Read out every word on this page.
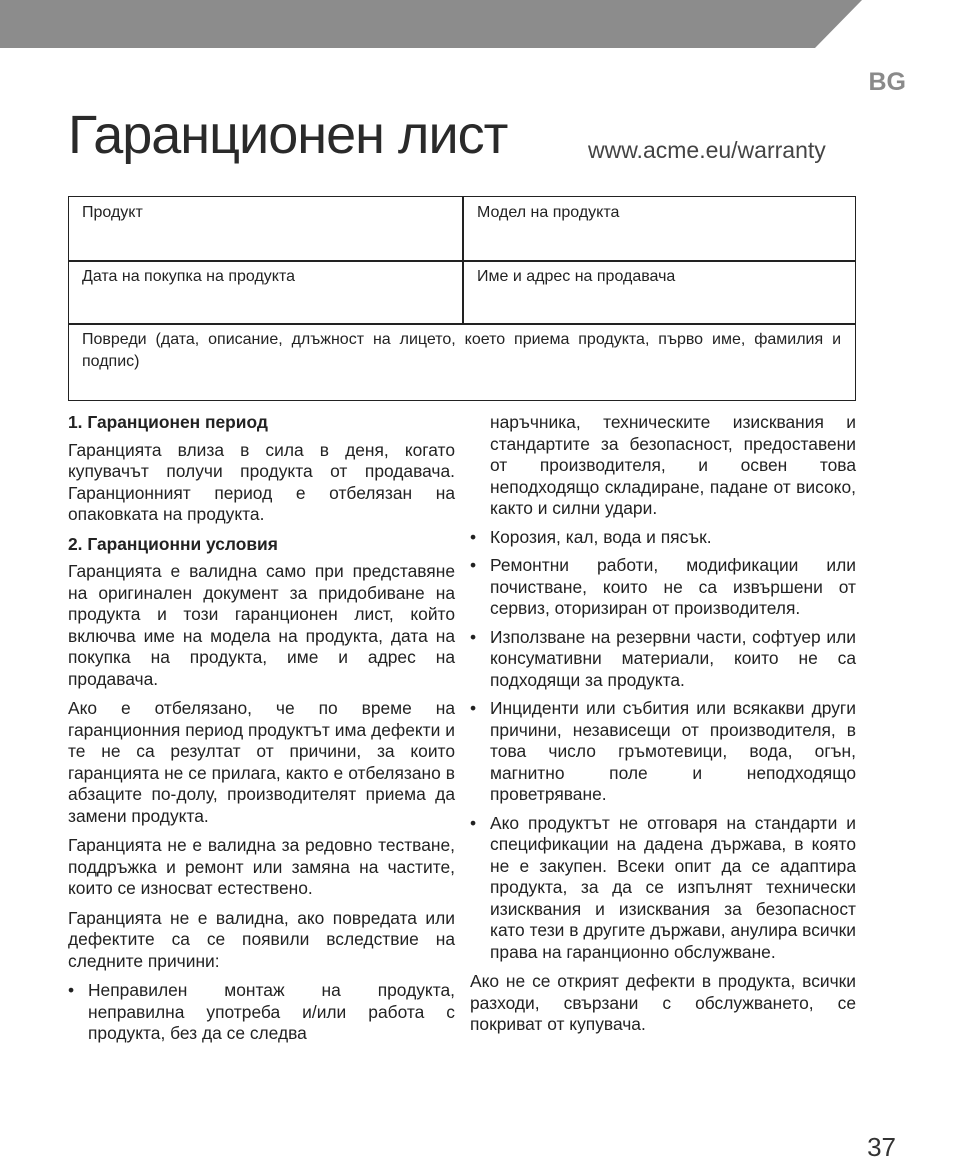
BG
Гаранционен лист	www.acme.eu/warranty
Продукт	Модел на продукта
Дата на покупка на продукта	Име и адрес на продавача
Повреди (дата, описание, длъжност на лицето, което приема продукта, първо име, фамилия и подпис)
1. Гаранционен период

Гаранцията влиза в сила в деня, когато купувачът получи продукта от продавача. Гаранционният период е отбелязан на опаковката на продукта.

2. Гаранционни условия

Гаранцията е валидна само при представяне на оригинален документ за придобиване на продукта и този гаранционен лист, който включва име на модела на продукта, дата на покупка на продукта, име и адрес на продавача.

Ако е отбелязано, че по време на гаранционния период продуктът има дефекти и те не са резултат от причини, за които гаранцията не се прилага, както е отбелязано в абзаците по-долу, производителят приема да замени продукта.

Гаранцията не е валидна за редовно тестване, поддръжка и ремонт или замяна на частите, които се износват естествено.

Гаранцията не е валидна, ако повредата или дефектите са се появили вследствие на следните причини:

• Неправилен монтаж на продукта, неправилна употреба и/или работа с продукта, без да се следва
наръчника, техническите изисквания и стандартите за безопасност, предоставени от производителя, и освен това неподходящо складиране, падане от високо, както и силни удари.
• Корозия, кал, вода и пясък.
• Ремонтни работи, модификации или почистване, които не са извършени от сервиз, оторизиран от производителя.
• Използване на резервни части, софтуер или консумативни материали, които не са подходящи за продукта.
• Инциденти или събития или всякакви други причини, независещи от производителя, в това число гръмотевици, вода, огън, магнитно поле и неподходящо проветряване.
• Ако продуктът не отговаря на стандарти и спецификации на дадена държава, в която не е закупен. Всеки опит да се адаптира продукта, за да се изпълнят технически изисквания и изисквания за безопасност като тези в другите държави, анулира всички права на гаранционно обслужване.

Ако не се открият дефекти в продукта, всички разходи, свързани с обслужването, се покриват от купувача.

37
